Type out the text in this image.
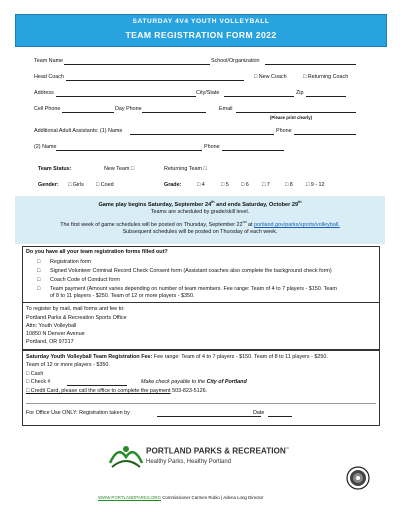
SATURDAY 4V4 YOUTH VOLLEYBALL
TEAM REGISTRATION FORM 2022
Team Name	School/Organization
Head Coach	□ New Coach	□ Returning Coach
Address	City/State	Zip
Cell Phone	Day Phone	Email
(Please print clearly)
Additional Adult Assistants: (1) Name	Phone
(2) Name	Phone
Team Status:	New Team □	Returning Team □
Gender: □ Girls □ Coed	Grade:	□ 4	□ 5 □ 6 □ 7	□ 8 □ 9 - 12
Game play begins Saturday, September 24th and ends Saturday, October 29th
Teams are scheduled by grade/skill level.
The first week of game schedules will be posted on Thursday, September 22nd at portland.gov/parks/sports/volleyball.
Subsequent schedules will be posted on Thursday of each week.
Do you have all your team registration forms filled out?
□ Registration form
□ Signed Volunteer Criminal Record Check Consent form (Assistant coaches also complete the background check form)
□ Coach Code of Conduct form
□ Team payment (Amount varies depending on number of team members. Fee range: Team of 4 to 7 players - $150. Team
of 8 to 11 players - $250. Team of 12 or more players - $350.
To register by mail, mail forms and fee to:
Portland Parks & Recreation Sports Office
Attn: Youth Volleyball
10850 N Denver Avenue
Portland, OR 97217
Saturday Youth Volleyball Team Registration Fee: Fee range: Team of 4 to 7 players - $150. Team of 8 to 11 players - $250.
Team of 12 or more players - $350.
□ Cash
□ Check #	Make check payable to the City of Portland
□ Credit Card, please call the office to complete the payment 503-823-5126.
For Office Use ONLY: Registration taken by	Date
PORTLAND PARKS & RECREATION™
Healthy Parks, Healthy Portland
WWW.PORTLANDPARKS.ORG Commissioner Carmen Rubio | Adena Long Director
